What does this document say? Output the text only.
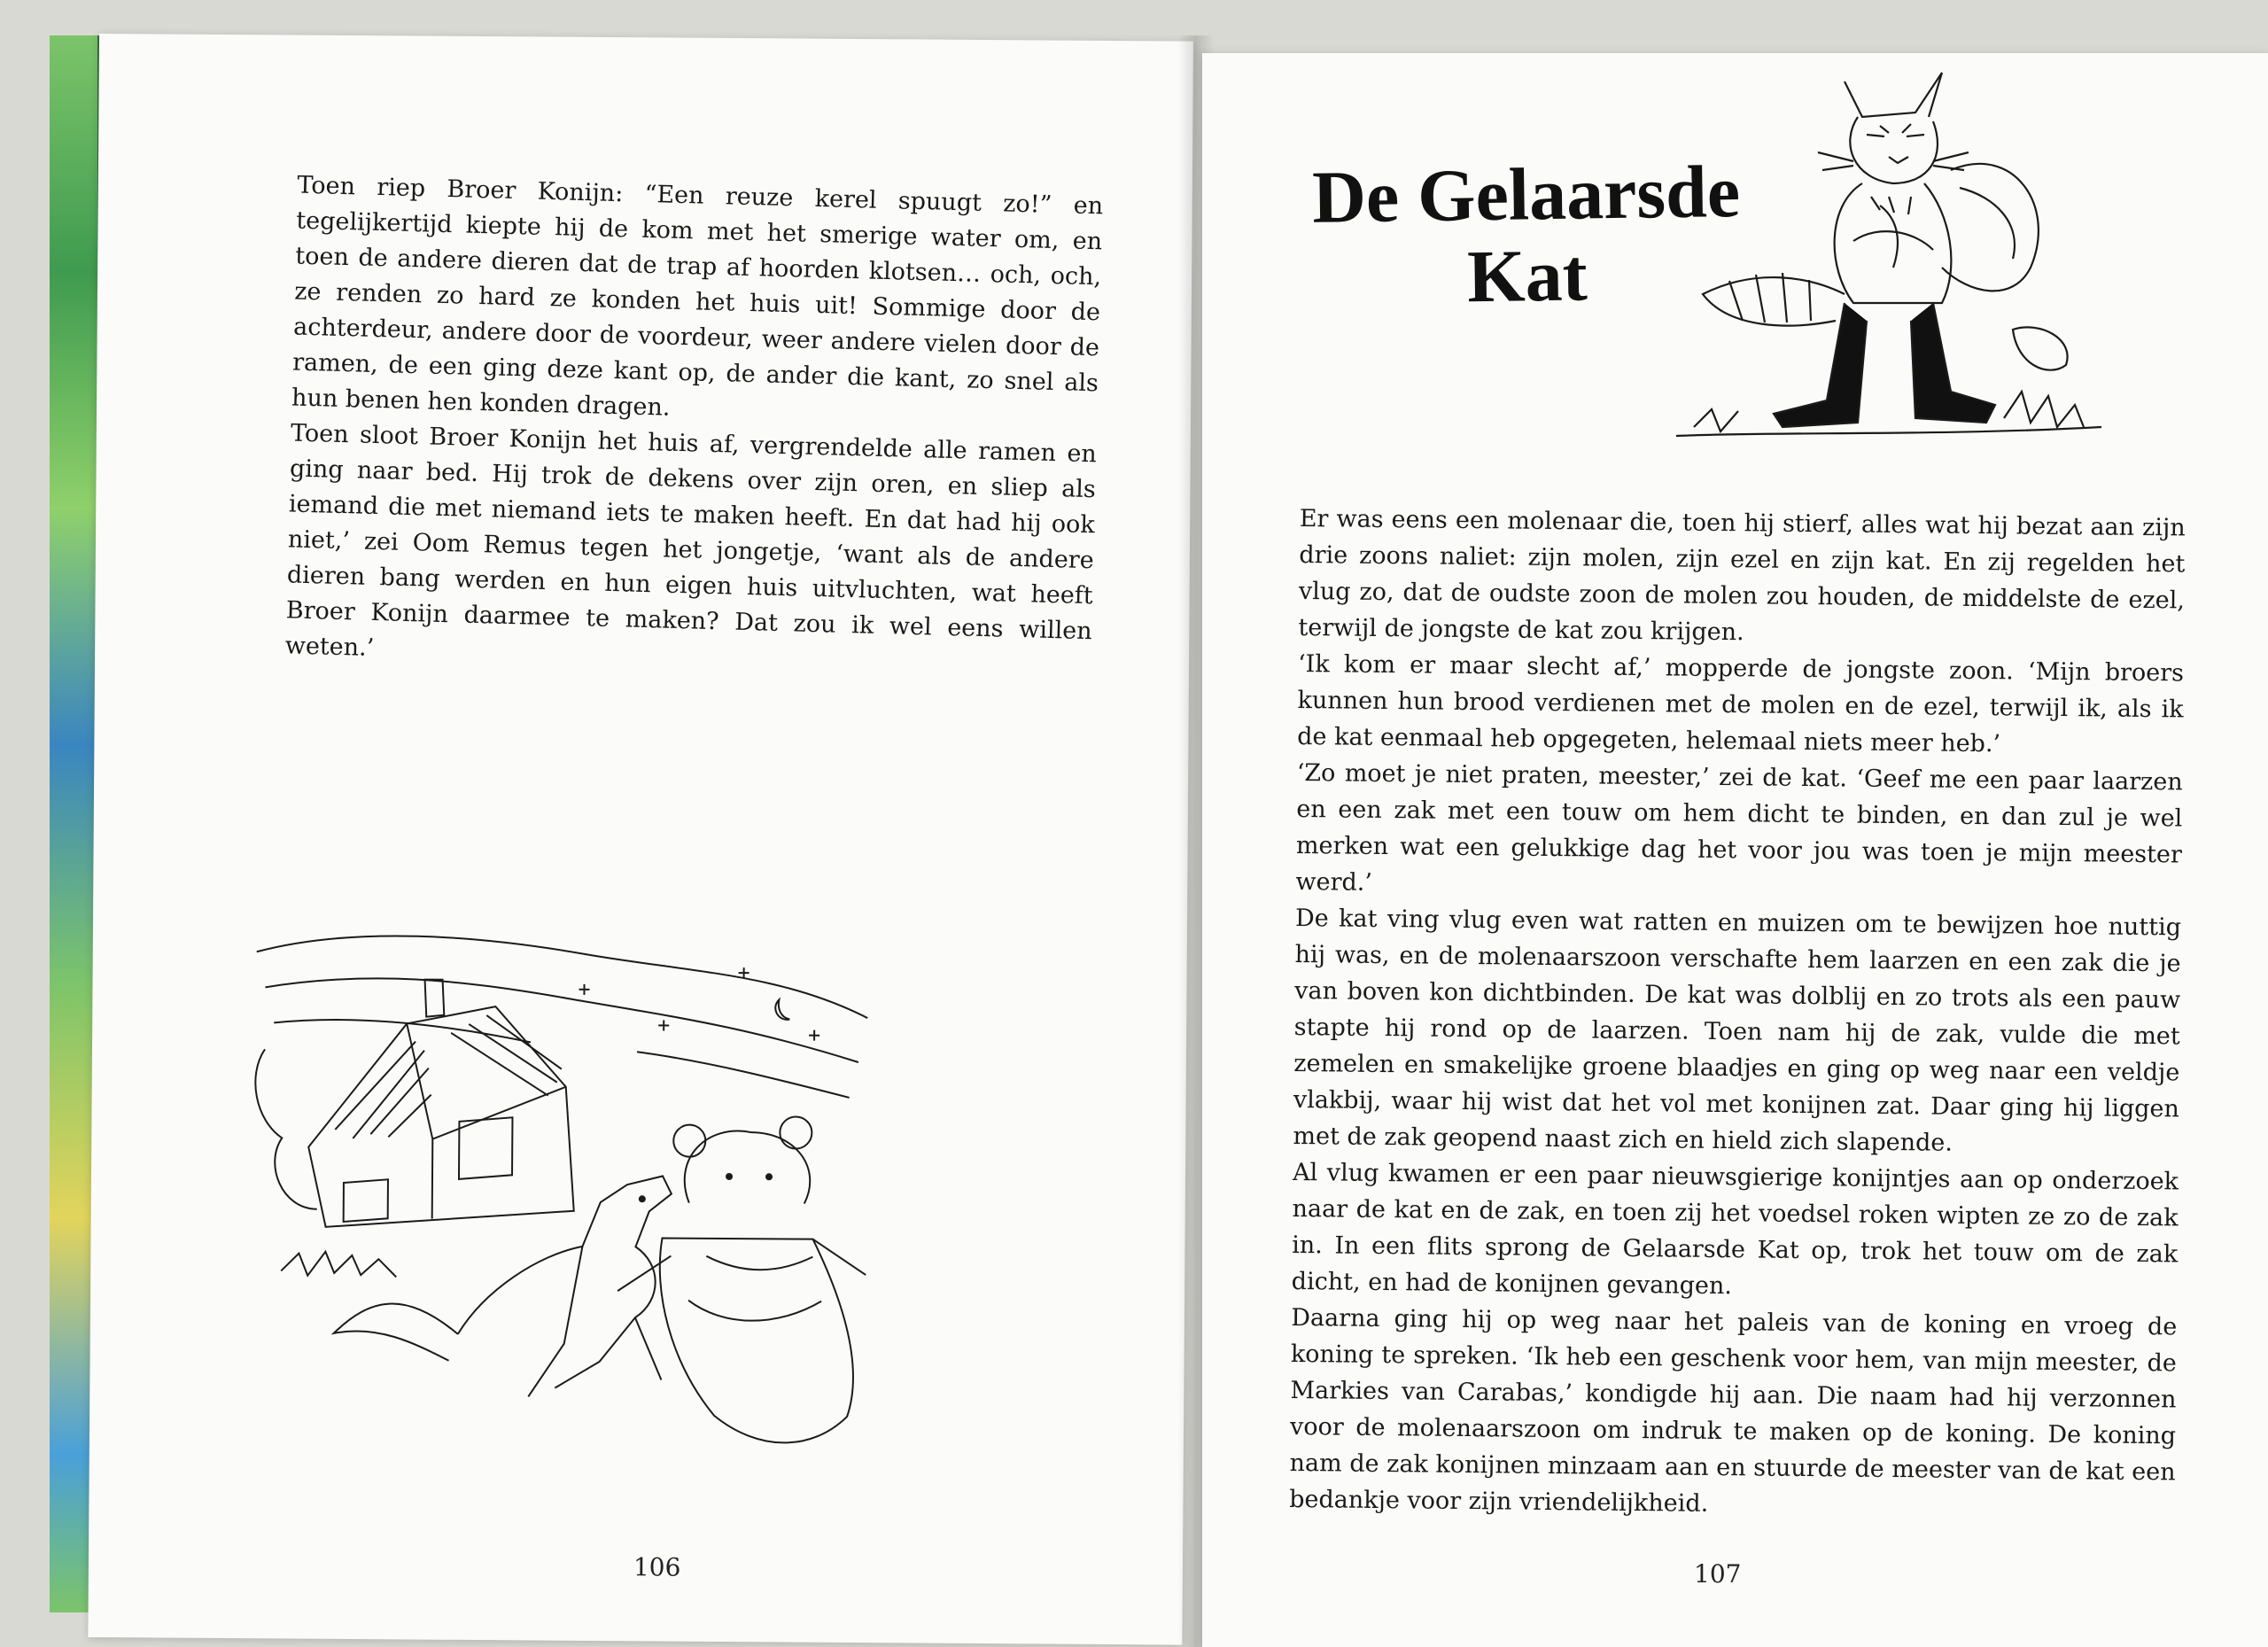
Toen riep Broer Konijn: “Een reuze kerel spuugt zo!” en tegelijkertijd kiepte hij de kom met het smerige water om, en toen de andere dieren dat de trap af hoorden klotsen… och, och, ze renden zo hard ze konden het huis uit! Sommige door de achterdeur, andere door de voordeur, weer andere vielen door de ramen, de een ging deze kant op, de ander die kant, zo snel als hun benen hen konden dragen.

Toen sloot Broer Konijn het huis af, vergrendelde alle ramen en ging naar bed. Hij trok de dekens over zijn oren, en sliep als iemand die met niemand iets te maken heeft. En dat had hij ook niet,’ zei Oom Remus tegen het jongetje, ‘want als de andere dieren bang werden en hun eigen huis uitvluchten, wat heeft Broer Konijn daarmee te maken? Dat zou ik wel eens willen weten.’

106

De Gelaarsde Kat

Er was eens een molenaar die, toen hij stierf, alles wat hij bezat aan zijn drie zoons naliet: zijn molen, zijn ezel en zijn kat. En zij regelden het vlug zo, dat de oudste zoon de molen zou houden, de middelste de ezel, terwijl de jongste de kat zou krijgen.

‘Ik kom er maar slecht af,’ mopperde de jongste zoon. ‘Mijn broers kunnen hun brood verdienen met de molen en de ezel, terwijl ik, als ik de kat eenmaal heb opgegeten, helemaal niets meer heb.’

‘Zo moet je niet praten, meester,’ zei de kat. ‘Geef me een paar laarzen en een zak met een touw om hem dicht te binden, en dan zul je wel merken wat een gelukkige dag het voor jou was toen je mijn meester werd.’

De kat ving vlug even wat ratten en muizen om te bewijzen hoe nuttig hij was, en de molenaarszoon verschafte hem laarzen en een zak die je van boven kon dichtbinden. De kat was dolblij en zo trots als een pauw stapte hij rond op de laarzen. Toen nam hij de zak, vulde die met zemelen en smakelijke groene blaadjes en ging op weg naar een veldje vlakbij, waar hij wist dat het vol met konijnen zat. Daar ging hij liggen met de zak geopend naast zich en hield zich slapende.

Al vlug kwamen er een paar nieuwsgierige konijntjes aan op onderzoek naar de kat en de zak, en toen zij het voedsel roken wipten ze zo de zak in. In een flits sprong de Gelaarsde Kat op, trok het touw om de zak dicht, en had de konijnen gevangen.

Daarna ging hij op weg naar het paleis van de koning en vroeg de koning te spreken. ‘Ik heb een geschenk voor hem, van mijn meester, de Markies van Carabas,’ kondigde hij aan. Die naam had hij verzonnen voor de molenaarszoon om indruk te maken op de koning. De koning nam de zak konijnen minzaam aan en stuurde de meester van de kat een bedankje voor zijn vriendelijkheid.

107
